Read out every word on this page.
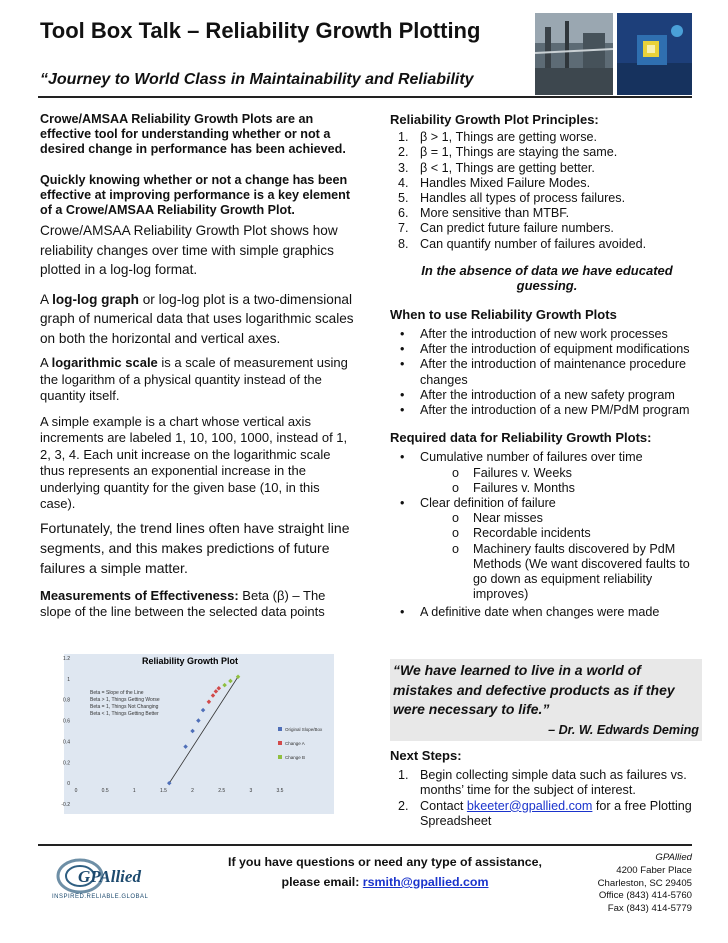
Tool Box Talk – Reliability Growth Plotting
“Journey to World Class in Maintainability and Reliability

Crowe/AMSAA Reliability Growth Plots are an effective tool for understanding whether or not a desired change in performance has been achieved.

Quickly knowing whether or not a change has been effective at improving performance is a key element of a Crowe/AMSAA Reliability Growth Plot.

Crowe/AMSAA Reliability Growth Plot shows how reliability changes over time with simple graphics plotted in a log-log format.

A log-log graph or log-log plot is a two-dimensional graph of numerical data that uses logarithmic scales on both the horizontal and vertical axes.

A logarithmic scale is a scale of measurement using the logarithm of a physical quantity instead of the quantity itself.

A simple example is a chart whose vertical axis increments are labeled 1, 10, 100, 1000, instead of 1, 2, 3, 4. Each unit increase on the logarithmic scale thus represents an exponential increase in the underlying quantity for the given base (10, in this case).

Fortunately, the trend lines often have straight line segments, and this makes predictions of future failures a simple matter.

Measurements of Effectiveness: Beta (β) – The slope of the line between the selected data points

Reliability Growth Plot
1.2
1
0.8
0.6
0.4
0.2
0
-0.2
0	0.5	1	1.5	2	2.5	3	3.5
Beta = Slope of the Line
Beta > 1, Things Getting Worse
Beta = 1, Things Not Changing
Beta < 1, Things Getting Better
Original Slope/Box
Change A
Change B
Reliability Growth Plot Principles:
1. β > 1, Things are getting worse.
2. β = 1, Things are staying the same.
3. β < 1, Things are getting better.
4. Handles Mixed Failure Modes.
5. Handles all types of process failures.
6. More sensitive than MTBF.
7. Can predict future failure numbers.
8. Can quantify number of failures avoided.
In the absence of data we have educated guessing.
When to use Reliability Growth Plots
• After the introduction of new work processes
• After the introduction of equipment modifications
• After the introduction of maintenance procedure changes
• After the introduction of a new safety program
• After the introduction of a new PM/PdM program
Required data for Reliability Growth Plots:
• Cumulative number of failures over time
o Failures v. Weeks
o Failures v. Months
• Clear definition of failure
o Near misses
o Recordable incidents
o Machinery faults discovered by PdM Methods (We want discovered faults to go down as equipment reliability improves)
• A definitive date when changes were made
“We have learned to live in a world of mistakes and defective products as if they were necessary to life.”
– Dr. W. Edwards Deming
Next Steps:
1. Begin collecting simple data such as failures vs. months’ time for the subject of interest.
2. Contact bkeeter@gpallied.com for a free Plotting Spreadsheet
GPAllied
INSPIRED.RELIABLE.GLOBAL
If you have questions or need any type of assistance,
please email: rsmith@gpallied.com
GPAllied
4200 Faber Place
Charleston, SC 29405
Office (843) 414-5760
Fax (843) 414-5779
